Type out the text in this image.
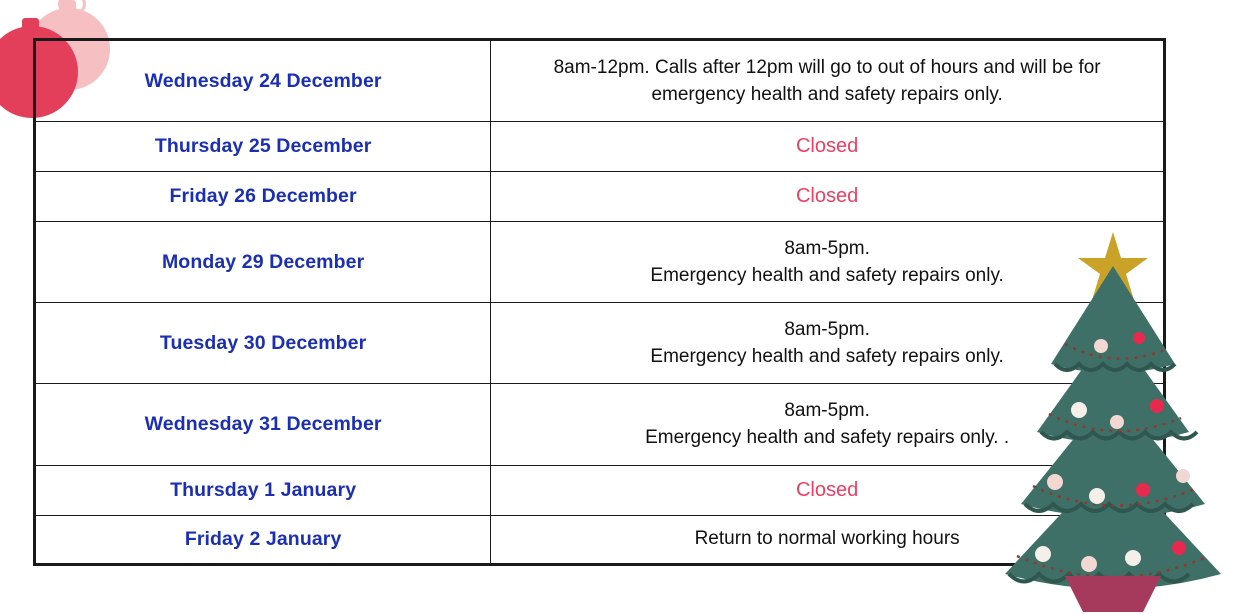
Wednesday 24 December	8am-12pm. Calls after 12pm will go to out of hours and will be for
emergency health and safety repairs only.

Thursday 25 December	Closed

Friday 26 December	Closed

Monday 29 December	8am-5pm.
Emergency health and safety repairs only.

Tuesday 30 December	8am-5pm.
Emergency health and safety repairs only.

Wednesday 31 December	8am-5pm.
Emergency health and safety repairs only. .

Thursday 1 January	Closed

Friday 2 January	Return to normal working hours
